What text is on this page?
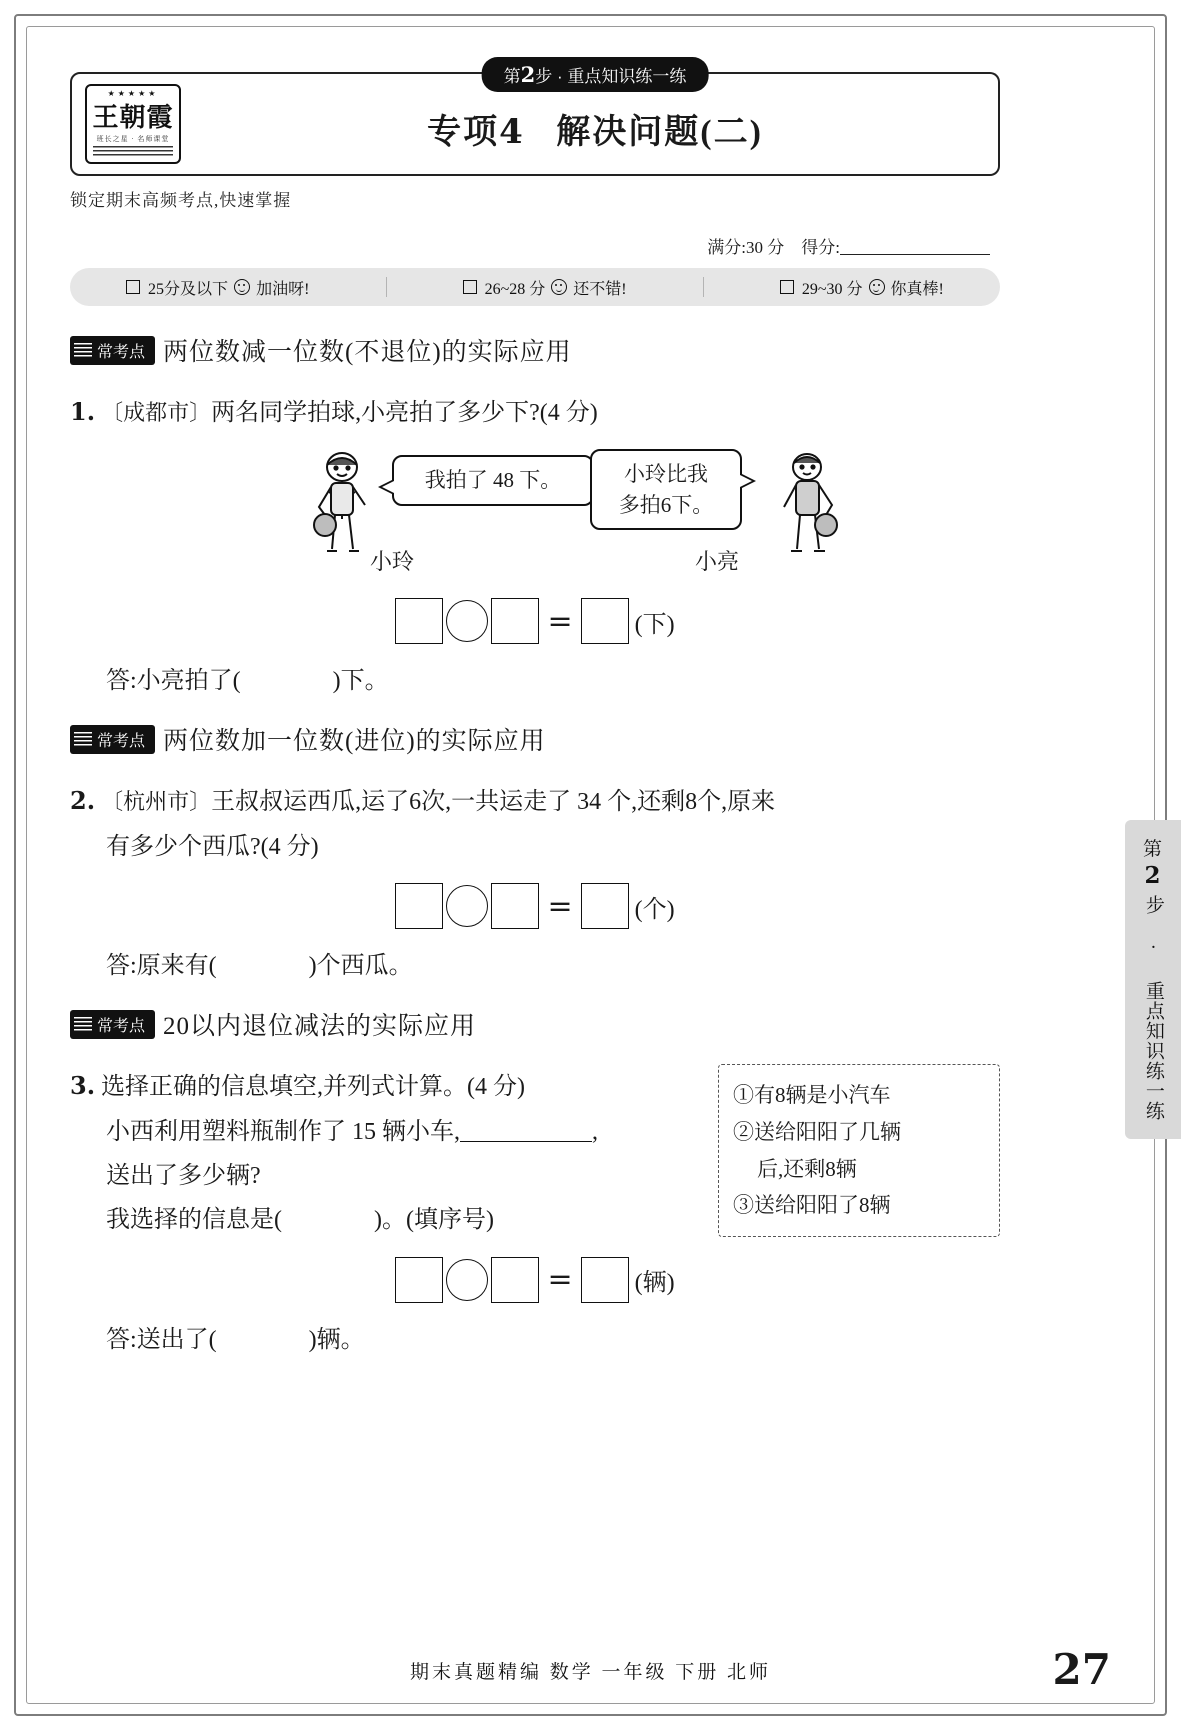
★★★★★
王朝霞
班长之星 · 名师课堂
第2步 · 重点知识练一练
专项4 解决问题(二)
锁定期末高频考点,快速掌握
满分:30 分 得分:
25分及以下 加油呀!	26~28 分 还不错!	29~30 分 你真棒!
常考点 两位数减一位数(不退位)的实际应用
1. 〔成都市〕两名同学拍球,小亮拍了多少下?(4 分)
小玲
我拍了 48 下。	小玲比我
多拍6下。
小亮
=	(下)
答:小亮拍了(	)下。
常考点 两位数加一位数(进位)的实际应用
2. 〔杭州市〕王叔叔运西瓜,运了6次,一共运走了 34 个,还剩8个,原来
有多少个西瓜?(4 分)
=	(个)
答:原来有(	)个西瓜。
常考点 20以内退位减法的实际应用
①有8辆是小汽车
②送给阳阳了几辆
后,还剩8辆
③送给阳阳了8辆
3. 选择正确的信息填空,并列式计算。(4 分)
小西利用塑料瓶制作了 15 辆小车,	,
送出了多少辆?
我选择的信息是(	)。(填序号)
=	(辆)
答:送出了(	)辆。
第
2
步 · 重点知识练一练
期末真题精编 数学 一年级 下册 北师	27
